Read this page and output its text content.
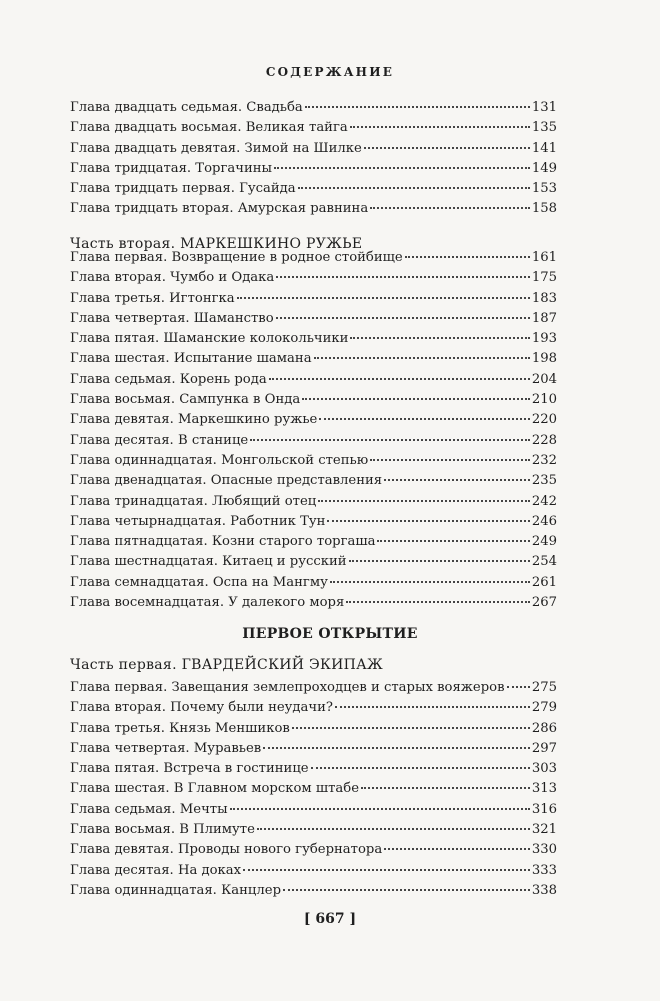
СОДЕРЖАНИЕ
Глава двадцать седьмая. Свадьба	131
Глава двадцать восьмая. Великая тайга	135
Глава двадцать девятая. Зимой на Шилке	141
Глава тридцатая. Торгачины	149
Глава тридцать первая. Гусайда	153
Глава тридцать вторая. Амурская равнина	158
Часть вторая. МАРКЕШКИНО РУЖЬЕ
Глава первая. Возвращение в родное стойбище	161
Глава вторая. Чумбо и Одака	175
Глава третья. Игтонгка	183
Глава четвертая. Шаманство	187
Глава пятая. Шаманские колокольчики	193
Глава шестая. Испытание шамана	198
Глава седьмая. Корень рода	204
Глава восьмая. Сампунка в Онда	210
Глава девятая. Маркешкино ружье	220
Глава десятая. В станице	228
Глава одиннадцатая. Монгольской степью	232
Глава двенадцатая. Опасные представления	235
Глава тринадцатая. Любящий отец	242
Глава четырнадцатая. Работник Тун	246
Глава пятнадцатая. Козни старого торгаша	249
Глава шестнадцатая. Китаец и русский	254
Глава семнадцатая. Оспа на Мангму	261
Глава восемнадцатая. У далекого моря	267
ПЕРВОЕ ОТКРЫТИЕ
Часть первая. ГВАРДЕЙСКИЙ ЭКИПАЖ
Глава первая. Завещания землепроходцев и старых вояжеров 275
Глава вторая. Почему были неудачи?	279
Глава третья. Князь Меншиков	286
Глава четвертая. Муравьев	297
Глава пятая. Встреча в гостинице	303
Глава шестая. В Главном морском штабе	313
Глава седьмая. Мечты	316
Глава восьмая. В Плимуте	321
Глава девятая. Проводы нового губернатора	330
Глава десятая. На доках	333
Глава одиннадцатая. Канцлер	338
[ 667 ]
